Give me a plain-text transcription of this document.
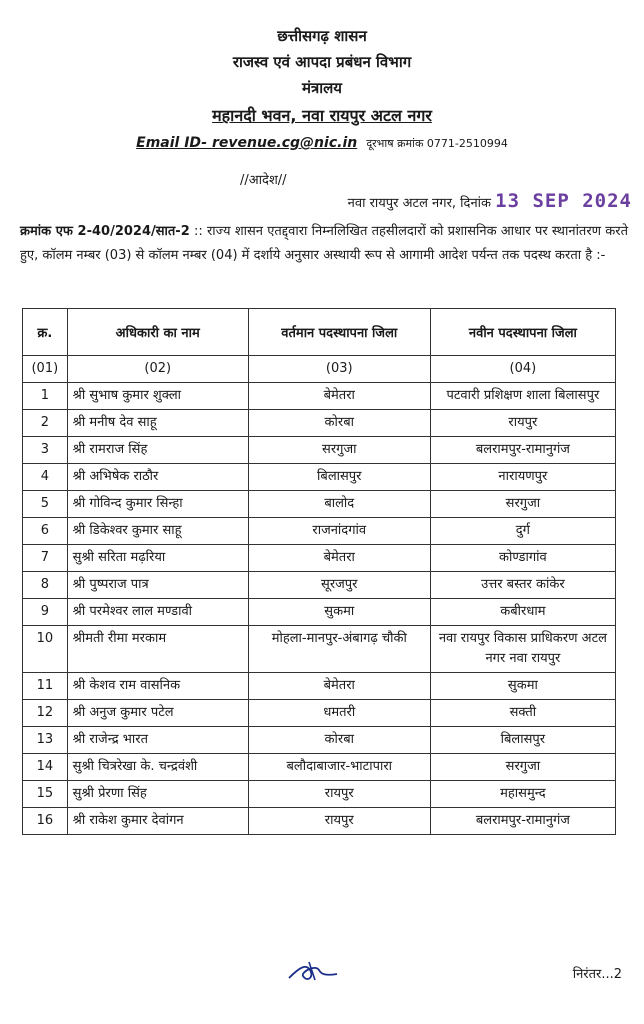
छत्तीसगढ़ शासन
राजस्व एवं आपदा प्रबंधन विभाग
मंत्रालय
महानदी भवन, नवा रायपुर अटल नगर
Email ID- revenue.cg@nic.in दूरभाष क्रमांक 0771-2510994
//आदेश//
नवा रायपुर अटल नगर, दिनांक 13 SEP 2024
क्रमांक एफ 2-40/2024/सात-2 :: राज्य शासन एतद्द्वारा निम्नलिखित तहसीलदारों को प्रशासनिक आधार पर स्थानांतरण करते हुए, कॉलम नम्बर (03) से कॉलम नम्बर (04) में दर्शाये अनुसार अस्थायी रूप से आगामी आदेश पर्यन्त तक पदस्थ करता है :-
क्र.	अधिकारी का नाम	वर्तमान पदस्थापना जिला	नवीन पदस्थापना जिला
(01)	(02)	(03)	(04)
1	श्री सुभाष कुमार शुक्ला	बेमेतरा	पटवारी प्रशिक्षण शाला बिलासपुर
2	श्री मनीष देव साहू	कोरबा	रायपुर
3	श्री रामराज सिंह	सरगुजा	बलरामपुर-रामानुगंज
4	श्री अभिषेक राठौर	बिलासपुर	नारायणपुर
5	श्री गोविन्द कुमार सिन्हा	बालोद	सरगुजा
6	श्री डिकेश्वर कुमार साहू	राजनांदगांव	दुर्ग
7	सुश्री सरिता मढ़रिया	बेमेतरा	कोण्डागांव
8	श्री पुष्पराज पात्र	सूरजपुर	उत्तर बस्तर कांकेर
9	श्री परमेश्वर लाल मण्डावी	सुकमा	कबीरधाम
10	श्रीमती रीमा मरकाम	मोहला-मानपुर-अंबागढ़ चौकी	नवा रायपुर विकास प्राधिकरण अटल नगर नवा रायपुर
11	श्री केशव राम वासनिक	बेमेतरा	सुकमा
12	श्री अनुज कुमार पटेल	धमतरी	सक्ती
13	श्री राजेन्द्र भारत	कोरबा	बिलासपुर
14	सुश्री चित्ररेखा के. चन्द्रवंशी	बलौदाबाजार-भाटापारा	सरगुजा
15	सुश्री प्रेरणा सिंह	रायपुर	महासमुन्द
16	श्री राकेश कुमार देवांगन	रायपुर	बलरामपुर-रामानुगंज
निरंतर...2
